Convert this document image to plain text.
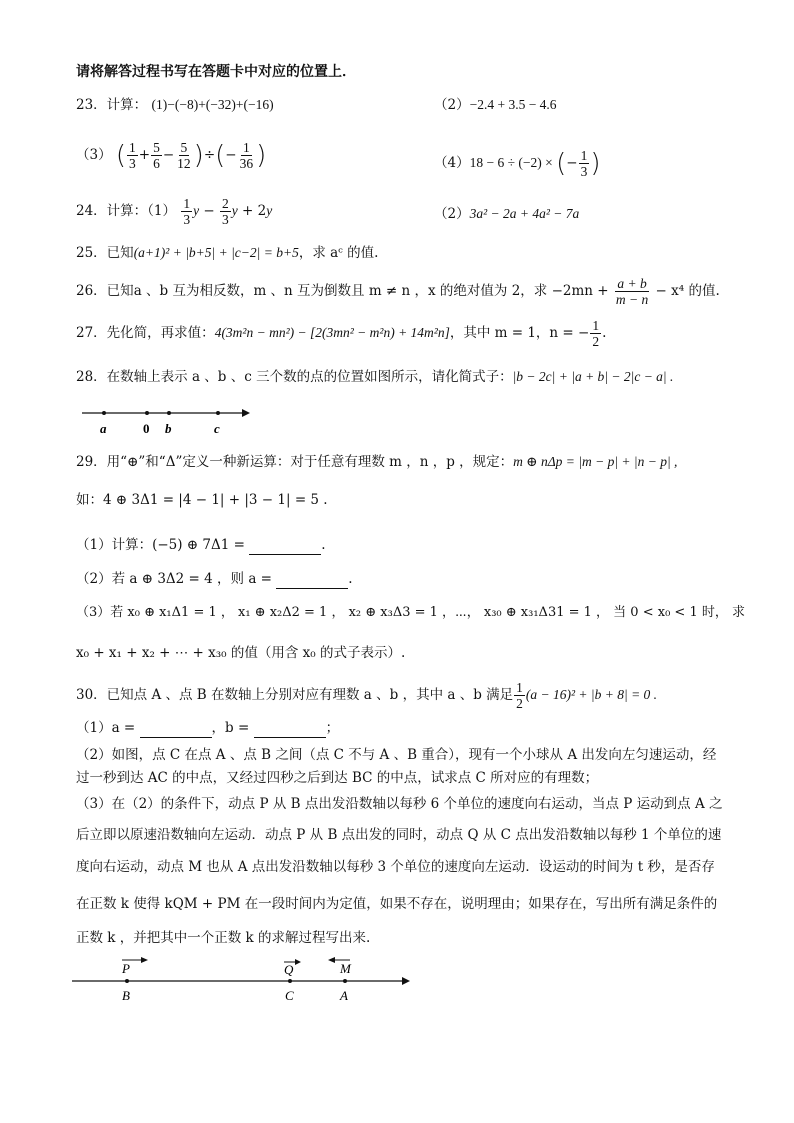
请将解答过程书写在答题卡中对应的位置上．
23．计算： (1)−(−8)+(−32)+(−16)	（2）−2.4 + 3.5 − 4.6
（3） ( $\frac{1}{3} + \frac{5}{6} - \frac{5}{12}$ )÷(− $\frac{1}{36}$ )	（4）18 − 6 ÷ (−2) × (− $\frac{1}{3}$ )
24．计算：$(1) \frac{1}{3}$ $y - \frac{2}{3}$ y + 2y	（2）3a² − 2a + 4a² − 7a
25．已知(a+1)² + |b+5| + |c−2| = b+5，求 aᶜ 的值.
26．已知a 、b 互为相反数，m 、n 互为倒数且 m ≠ n ，x 的绝对值为 2，求 $-2mn + \frac{a + b}{m - n} - x^4$ 的值.
27．先化简，再求值：4(3m²n − mn²) − [2(3mn² − m²n) + 14m²n]，其中 m = 1，n = − $\frac{1}{2}$ .
28．在数轴上表示 a 、b 、c 三个数的点的位置如图所示，请化简式子：|b − 2c| + |a + b| − 2|c − a| .
a	0 b	c
29．用“⊕”和“Δ”定义一种新运算：对于任意有理数 m ，n ，p ，规定：m ⊕ nΔp = |m − p| + |n − p| ,
如：4 ⊕ 3Δ1 = |4 − 1| + |3 − 1| = 5 .
（1）计算：(−5) ⊕ 7Δ1 =	.
（2）若 a ⊕ 3Δ2 = 4 ，则 a =	.
（3）若 x₀ ⊕ x₁Δ1 = 1 ， x₁ ⊕ x₂Δ2 = 1 ， x₂ ⊕ x₃Δ3 = 1 ，⋯， x₃₀ ⊕ x₃₁Δ31 = 1 ， 当 0 < x₀ < 1 时， 求
x₀ + x₁ + x₂ + ⋯ + x₃₀ 的值（用含 x₀ 的式子表示）.
30．已知点 A 、点 B 在数轴上分别对应有理数 a 、b ，其中 a 、b 满足 $\frac{1}{2} (a - 16)^2 + |b + 8| = 0$ .
（1）a =	，b =	；
（2）如图，点 C 在点 A 、点 B 之间（点 C 不与 A 、B 重合），现有一个小球从 A 出发向左匀速运动，经
过一秒到达 AC 的中点，又经过四秒之后到达 BC 的中点，试求点 C 所对应的有理数；
（3）在（2）的条件下，动点 P 从 B 点出发沿数轴以每秒 6 个单位的速度向右运动，当点 P 运动到点 A 之
后立即以原速沿数轴向左运动．动点 P 从 B 点出发的同时，动点 Q 从 C 点出发沿数轴以每秒 1 个单位的速
度向右运动，动点 M 也从 A 点出发沿数轴以每秒 3 个单位的速度向左运动．设运动的时间为 t 秒，是否存
在正数 k 使得 kQM + PM 在一段时间内为定值，如果不存在，说明理由；如果存在，写出所有满足条件的
正数 k ，并把其中一个正数 k 的求解过程写出来.
P	Q	M
B	C	A
